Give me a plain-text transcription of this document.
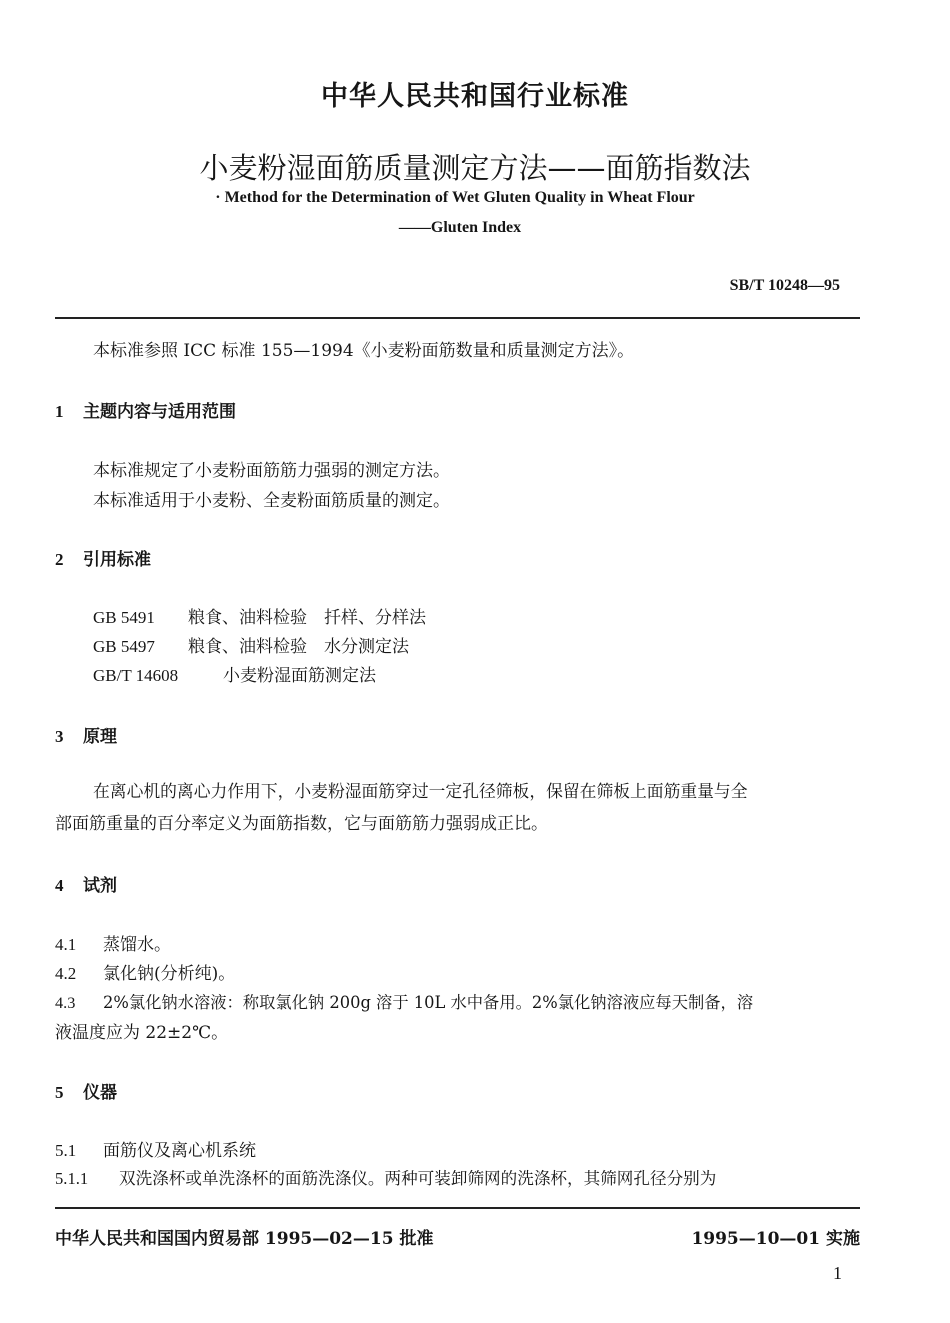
中华人民共和国行业标准
小麦粉湿面筋质量测定方法——面筋指数法
· Method for the Determination of Wet Gluten Quality in Wheat Flour
——Gluten Index
SB/T 10248—95
本标准参照 ICC 标准 155—1994《小麦粉面筋数量和质量测定方法》。
1 主题内容与适用范围
本标准规定了小麦粉面筋筋力强弱的测定方法。
本标准适用于小麦粉、全麦粉面筋质量的测定。
2 引用标准
GB 5491 粮食、油料检验　扦样、分样法
GB 5497 粮食、油料检验　水分测定法
GB/T 14608	小麦粉湿面筋测定法
3 原理
在离心机的离心力作用下，小麦粉湿面筋穿过一定孔径筛板，保留在筛板上面筋重量与全
部面筋重量的百分率定义为面筋指数，它与面筋筋力强弱成正比。
4 试剂
4.1 蒸馏水。
4.2 氯化钠(分析纯)。
4.3 2%氯化钠水溶液：称取氯化钠 200g 溶于 10L 水中备用。2%氯化钠溶液应每天制备，溶
液温度应为 22±2℃。
5 仪器
5.1 面筋仪及离心机系统
5.1.1 双洗涤杯或单洗涤杯的面筋洗涤仪。两种可装卸筛网的洗涤杯，其筛网孔径分别为
中华人民共和国国内贸易部 1995—02—15 批准	1995—10—01 实施
1
